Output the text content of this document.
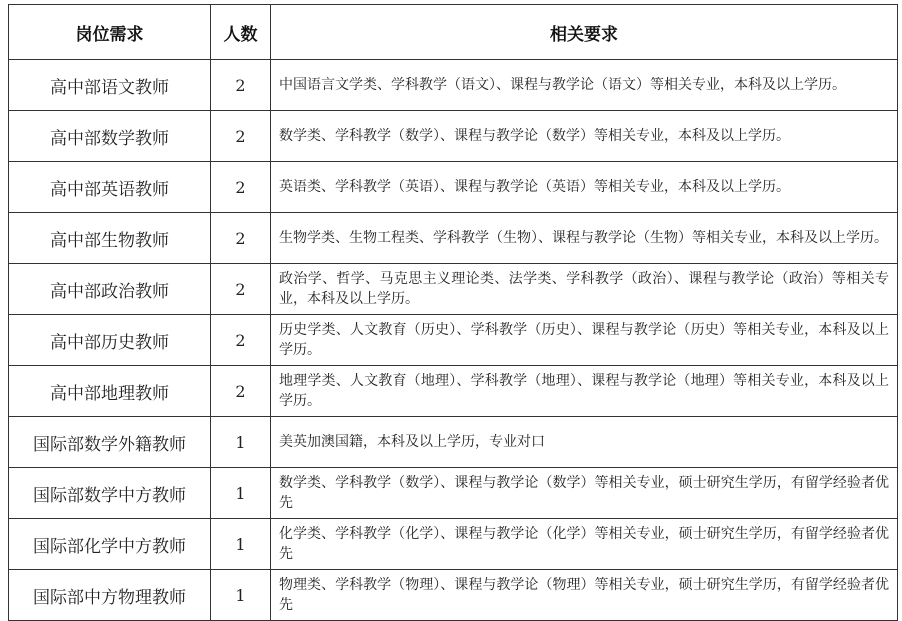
岗位需求	人数	相关要求
高中部语文教师	2	中国语言文学类、学科教学（语文）、课程与教学论（语文）等相关专业，本科及以上学历。
高中部数学教师	2	数学类、学科教学（数学）、课程与教学论（数学）等相关专业，本科及以上学历。
高中部英语教师	2	英语类、学科教学（英语）、课程与教学论（英语）等相关专业，本科及以上学历。
高中部生物教师	2	生物学类、生物工程类、学科教学（生物）、课程与教学论（生物）等相关专业，本科及以上学历。
高中部政治教师	2	政治学、哲学、马克思主义理论类、法学类、学科教学（政治）、课程与教学论（政治）等相关专业，本科及以上学历。
高中部历史教师	2	历史学类、人文教育（历史）、学科教学（历史）、课程与教学论（历史）等相关专业，本科及以上学历。
高中部地理教师	2	地理学类、人文教育（地理）、学科教学（地理）、课程与教学论（地理）等相关专业，本科及以上学历。
国际部数学外籍教师	1	美英加澳国籍，本科及以上学历，专业对口
国际部数学中方教师	1	数学类、学科教学（数学）、课程与教学论（数学）等相关专业，硕士研究生学历，有留学经验者优先
国际部化学中方教师	1	化学类、学科教学（化学）、课程与教学论（化学）等相关专业，硕士研究生学历，有留学经验者优先
国际部中方物理教师	1	物理类、学科教学（物理）、课程与教学论（物理）等相关专业，硕士研究生学历，有留学经验者优先
